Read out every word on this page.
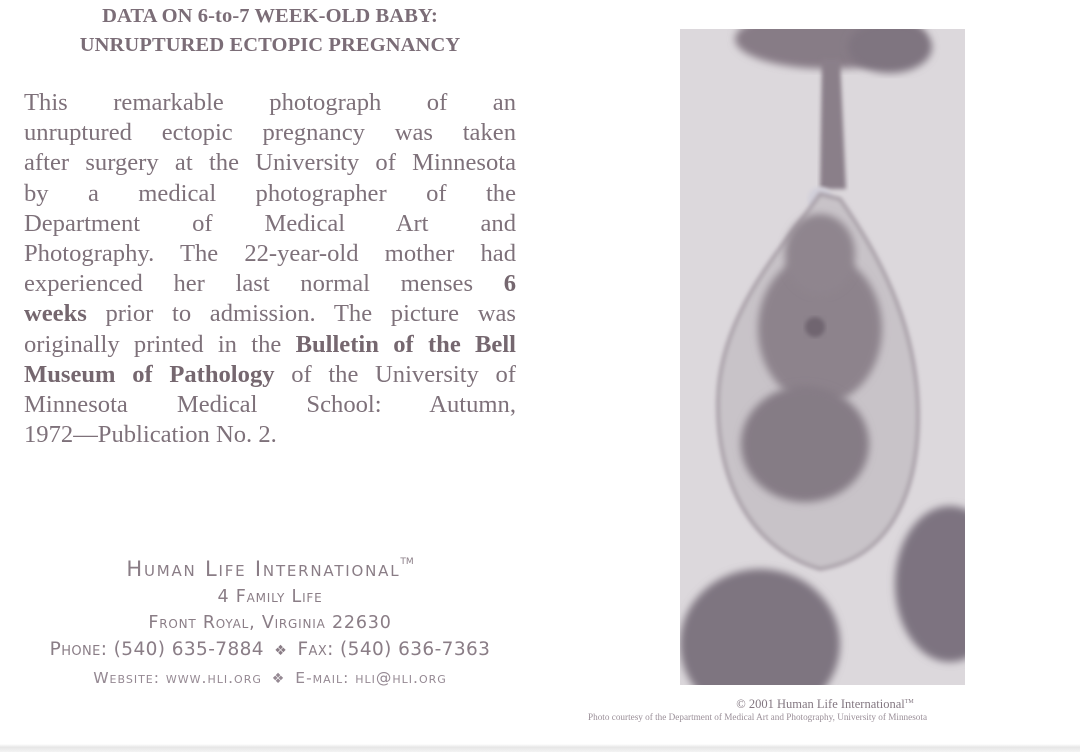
DATA ON 6-to-7 WEEK-OLD BABY:
UNRUPTURED ECTOPIC PREGNANCY
This remarkable photograph of an
unruptured ectopic pregnancy was taken
after surgery at the University of Minnesota
by a medical photographer of the
Department of Medical Art and
Photography. The 22-year-old mother had
experienced her last normal menses 6
weeks prior to admission. The picture was
originally printed in the Bulletin of the Bell
Museum of Pathology of the University of
Minnesota Medical School: Autumn,
1972—Publication No. 2.
Human Life International™
4 Family Life
Front Royal, Virginia 22630
Phone: (540) 635-7884 ❖ Fax: (540) 636-7363
Website: www.hli.org ❖ E-mail: hli@hli.org
© 2001 Human Life International™
Photo courtesy of the Department of Medical Art and Photography, University of Minnesota
